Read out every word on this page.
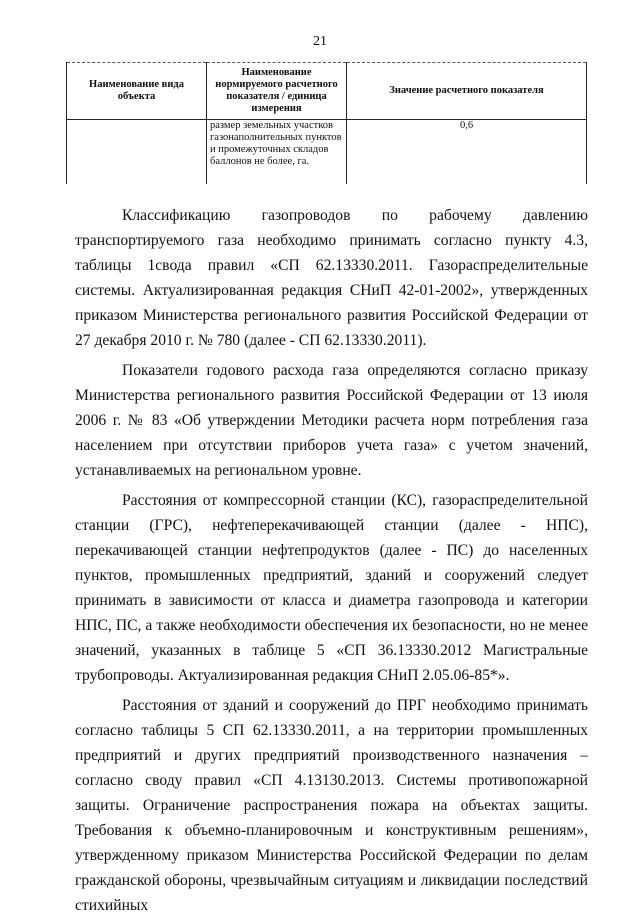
21
Наименование вида объекта	Наименование нормируемого расчетного показателя / единица измерения	Значение расчетного показателя
	размер земельных участков газонаполнительных пунктов и промежуточных складов баллонов не более, га.	0,6

Классификацию газопроводов по рабочему давлению транспортируемого газа необходимо принимать согласно пункту 4.3, таблицы 1свода правил «СП 62.13330.2011. Газораспределительные системы. Актуализированная редакция СНиП 42-01-2002», утвержденных приказом Министерства регионального развития Российской Федерации от 27 декабря 2010 г. № 780 (далее - СП 62.13330.2011).

Показатели годового расхода газа определяются согласно приказу Министерства регионального развития Российской Федерации от 13 июля 2006 г. № 83 «Об утверждении Методики расчета норм потребления газа населением при отсутствии приборов учета газа» с учетом значений, устанавливаемых на региональном уровне.

Расстояния от компрессорной станции (КС), газораспределительной станции (ГРС), нефтеперекачивающей станции (далее - НПС), перекачивающей станции нефтепродуктов (далее - ПС) до населенных пунктов, промышленных предприятий, зданий и сооружений следует принимать в зависимости от класса и диаметра газопровода и категории НПС, ПС, а также необходимости обеспечения их безопасности, но не менее значений, указанных в таблице 5 «СП 36.13330.2012 Магистральные трубопроводы. Актуализированная редакция СНиП 2.05.06-85*».

Расстояния от зданий и сооружений до ПРГ необходимо принимать согласно таблицы 5 СП 62.13330.2011, а на территории промышленных предприятий и других предприятий производственного назначения – согласно своду правил «СП 4.13130.2013. Системы противопожарной защиты. Ограничение распространения пожара на объектах защиты. Требования к объемно-планировочным и конструктивным решениям», утвержденному приказом Министерства Российской Федерации по делам гражданской обороны, чрезвычайным ситуациям и ликвидации последствий стихийных
